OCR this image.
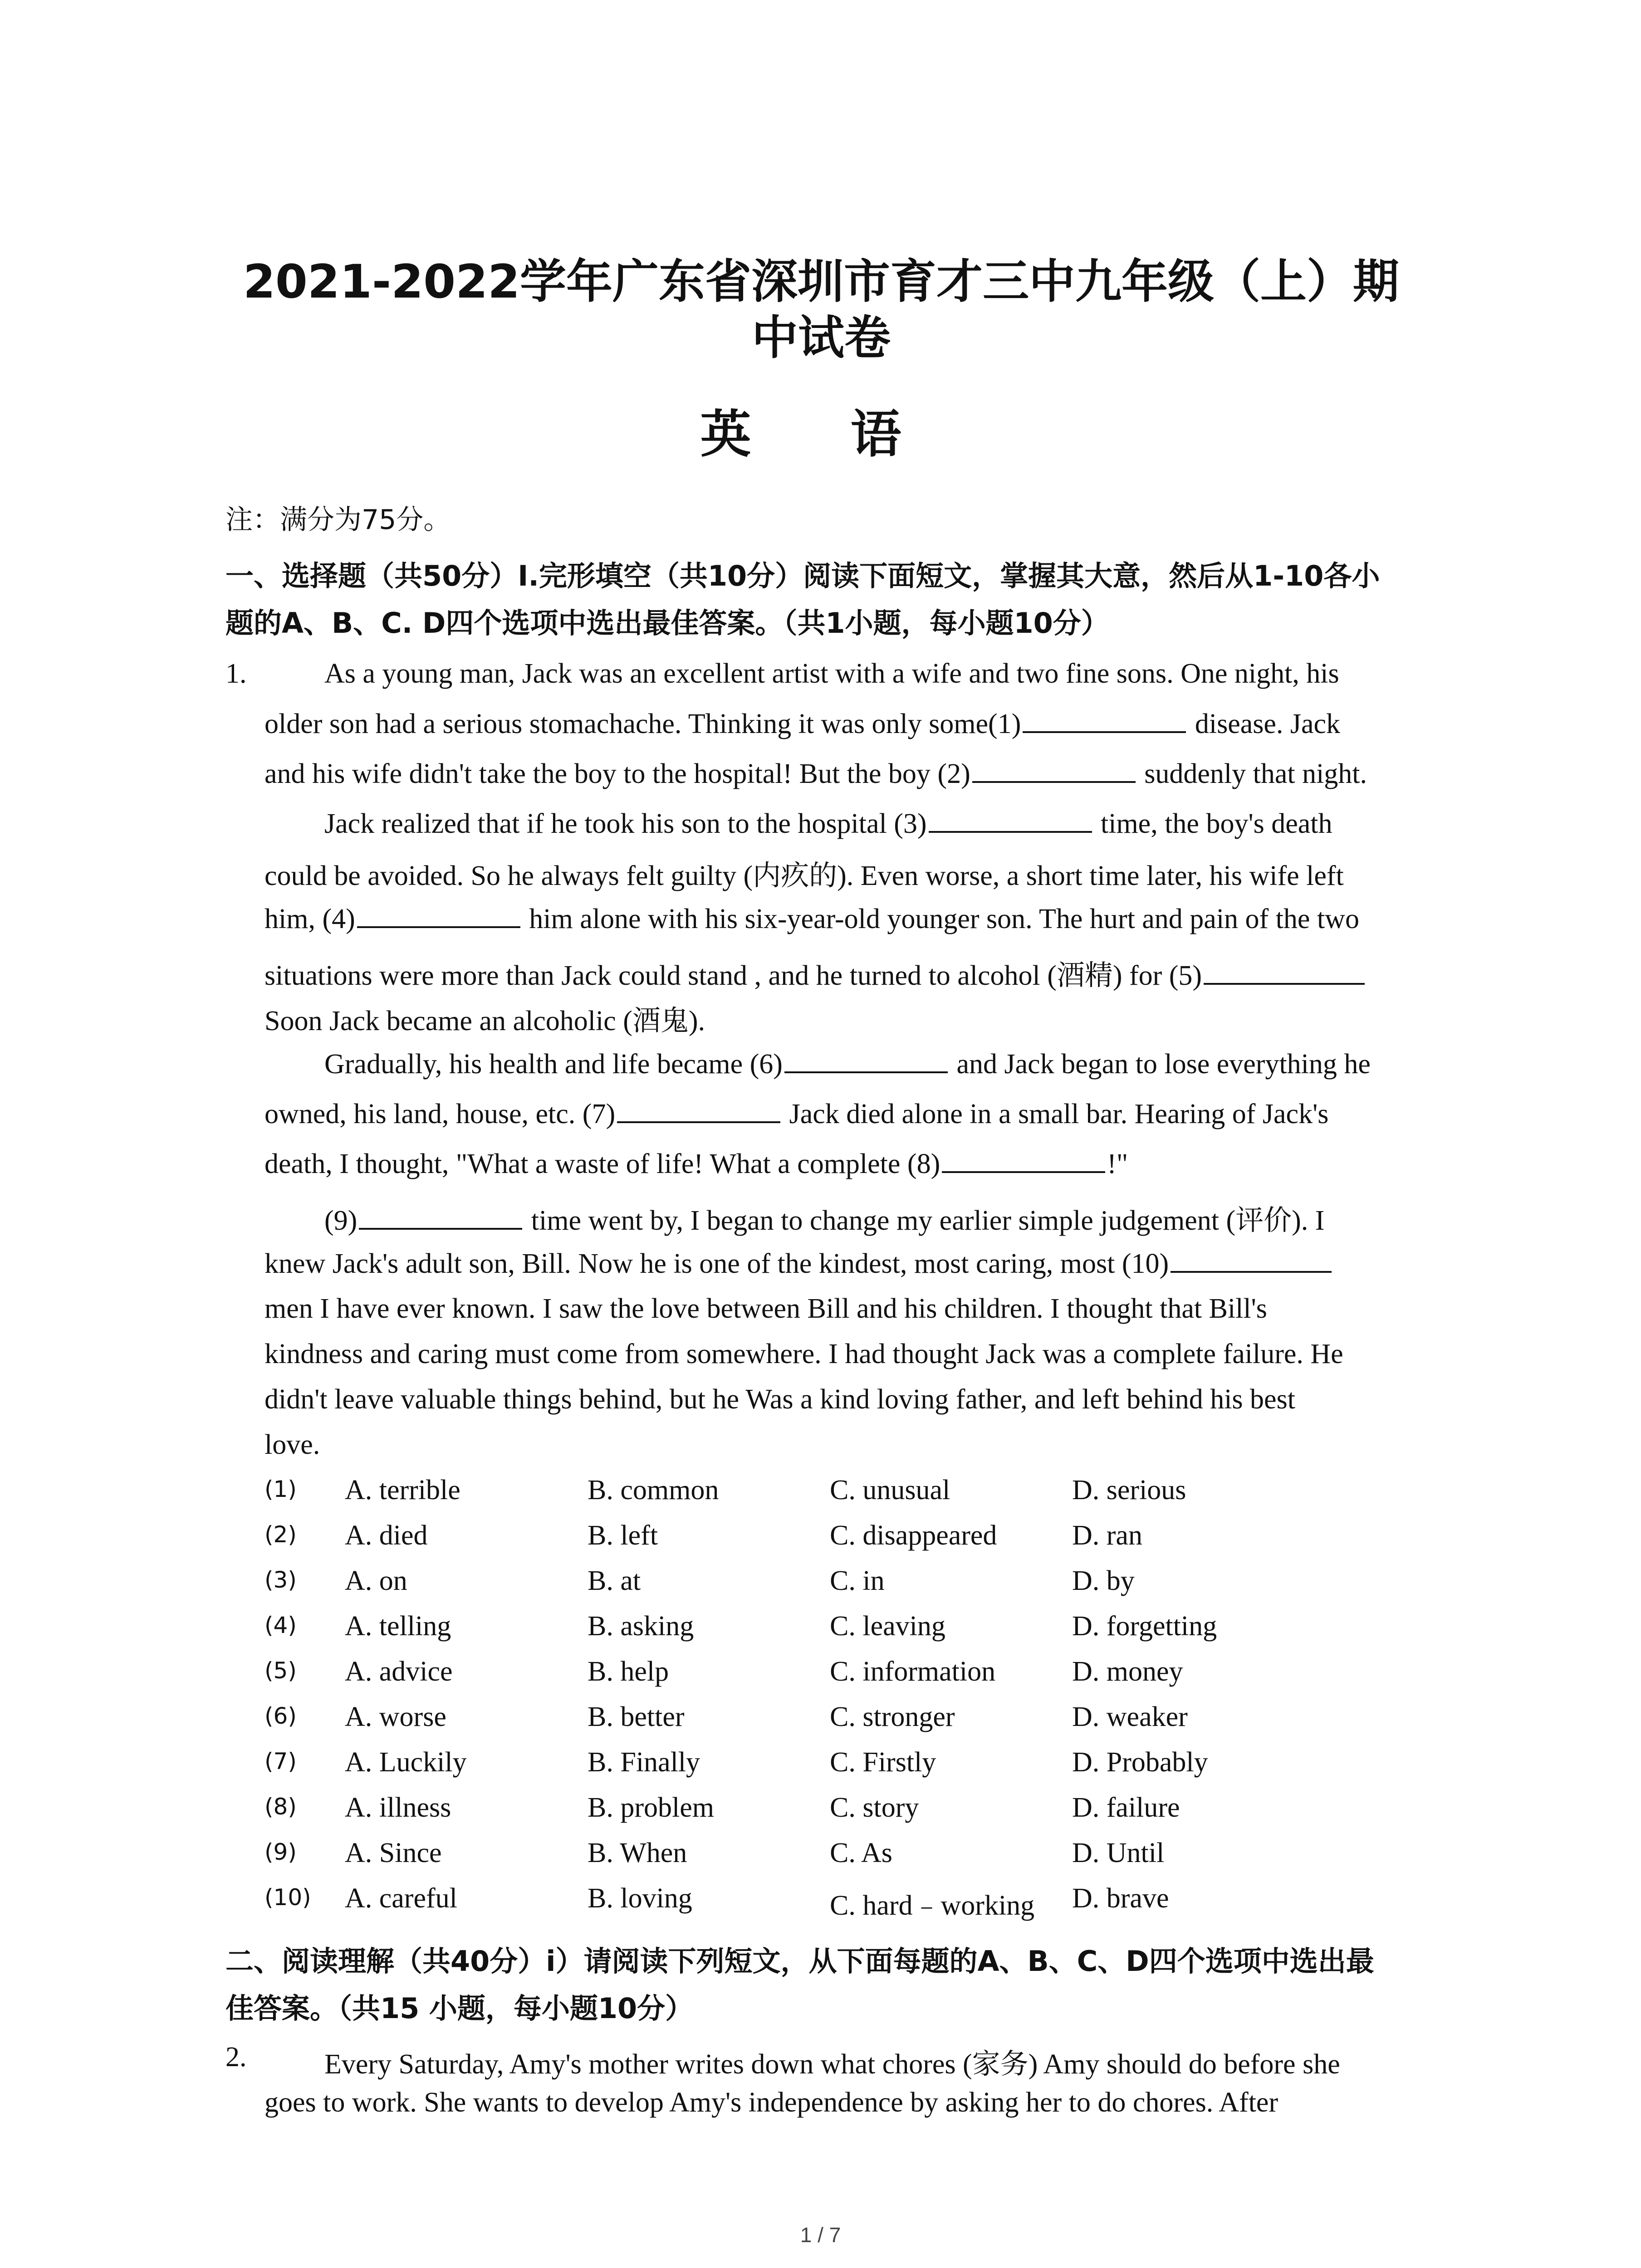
2021-2022学年广东省深圳市育才三中九年级（上）期
中试卷
英 语
注：满分为75分。
一、选择题（共50分）I.完形填空（共10分）阅读下面短文，掌握其大意，然后从1-10各小
题的A、B、C. D四个选项中选出最佳答案。（共1小题，每小题10分）
1.	As a young man, Jack was an excellent artist with a wife and two fine sons. One night, his
older son had a serious stomachache. Thinking it was only some(1)	disease. Jack
and his wife didn't take the boy to the hospital! But the boy (2)	suddenly that night.
Jack realized that if he took his son to the hospital (3)	time, the boy's death
could be avoided. So he always felt guilty (内疚的). Even worse, a short time later, his wife left
him, (4)	him alone with his six-year-old younger son. The hurt and pain of the two
situations were more than Jack could stand , and he turned to alcohol (酒精) for (5)
Soon Jack became an alcoholic (酒鬼).
Gradually, his health and life became (6)	and Jack began to lose everything he
owned, his land, house, etc. (7)	Jack died alone in a small bar. Hearing of Jack's
death, I thought, "What a waste of life! What a complete (8)	!"
(9)	time went by, I began to change my earlier simple judgement (评价). I
knew Jack's adult son, Bill. Now he is one of the kindest, most caring, most (10)
men I have ever known. I saw the love between Bill and his children. I thought that Bill's
kindness and caring must come from somewhere. I had thought Jack was a complete failure. He
didn't leave valuable things behind, but he Was a kind loving father, and left behind his best
love.
(1) A. terrible	B. common	C. unusual	D. serious
(2) A. died	B. left	C. disappeared	D. ran
(3) A. on	B. at	C. in	D. by
(4) A. telling	B. asking	C. leaving	D. forgetting
(5) A. advice	B. help	C. information	D. money
(6) A. worse	B. better	C. stronger	D. weaker
(7) A. Luckily	B. Finally	C. Firstly	D. Probably
(8) A. illness	B. problem	C. story	D. failure
(9) A. Since	B. When	C. As	D. Until
(10) A. careful	B. loving	C. hard﹣working D. brave
二、阅读理解（共40分）i）请阅读下列短文，从下面每题的A、B、C、D四个选项中选出最
佳答案。（共15 小题，每小题10分）
2.	Every Saturday, Amy's mother writes down what chores (家务) Amy should do before she
goes to work. She wants to develop Amy's independence by asking her to do chores. After
1 / 7
